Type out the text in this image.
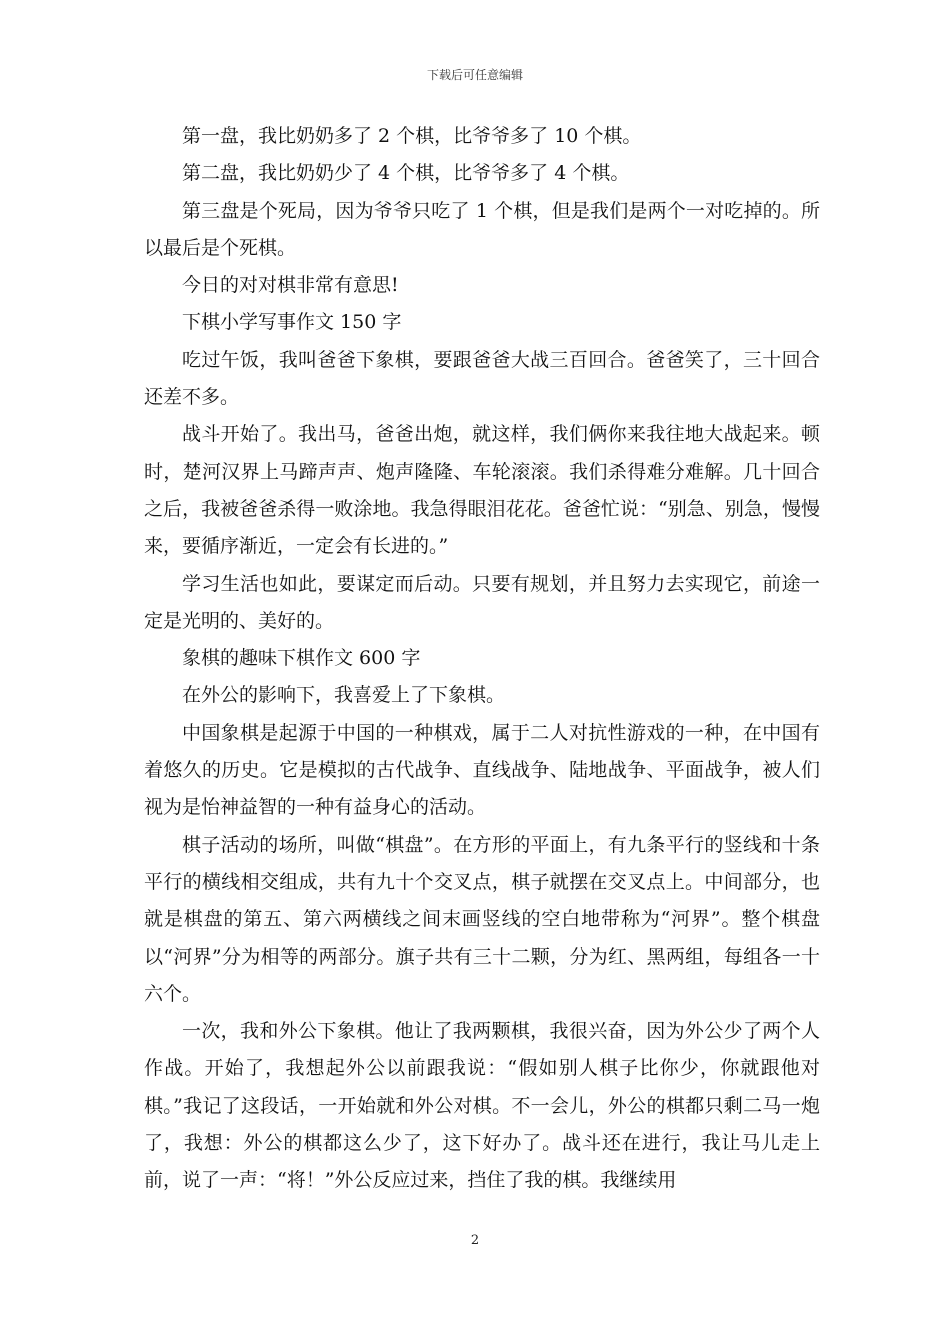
下载后可任意编辑

第一盘，我比奶奶多了 2 个棋，比爷爷多了 10 个棋。

第二盘，我比奶奶少了 4 个棋，比爷爷多了 4 个棋。

第三盘是个死局，因为爷爷只吃了 1 个棋，但是我们是两个一对吃掉的。所以最后是个死棋。

今日的对对棋非常有意思!

下棋小学写事作文 150 字

吃过午饭，我叫爸爸下象棋，要跟爸爸大战三百回合。爸爸笑了，三十回合还差不多。

战斗开始了。我出马，爸爸出炮，就这样，我们俩你来我往地大战起来。顿时，楚河汉界上马蹄声声、炮声隆隆、车轮滚滚。我们杀得难分难解。几十回合之后，我被爸爸杀得一败涂地。我急得眼泪花花。爸爸忙说：“别急、别急，慢慢来，要循序渐近，一定会有长进的。”

学习生活也如此，要谋定而后动。只要有规划，并且努力去实现它，前途一定是光明的、美好的。

象棋的趣味下棋作文 600 字

在外公的影响下，我喜爱上了下象棋。

中国象棋是起源于中国的一种棋戏，属于二人对抗性游戏的一种，在中国有着悠久的历史。它是模拟的古代战争、直线战争、陆地战争、平面战争，被人们视为是怡神益智的一种有益身心的活动。

棋子活动的场所，叫做“棋盘”。在方形的平面上，有九条平行的竖线和十条平行的横线相交组成，共有九十个交叉点，棋子就摆在交叉点上。中间部分，也就是棋盘的第五、第六两横线之间末画竖线的空白地带称为“河界”。整个棋盘以“河界”分为相等的两部分。旗子共有三十二颗，分为红、黑两组，每组各一十六个。

一次，我和外公下象棋。他让了我两颗棋，我很兴奋，因为外公少了两个人作战。开始了，我想起外公以前跟我说：“假如别人棋子比你少，你就跟他对棋。”我记了这段话，一开始就和外公对棋。不一会儿，外公的棋都只剩二马一炮了，我想：外公的棋都这么少了，这下好办了。战斗还在进行，我让马儿走上前，说了一声：“将！”外公反应过来，挡住了我的棋。我继续用

2
